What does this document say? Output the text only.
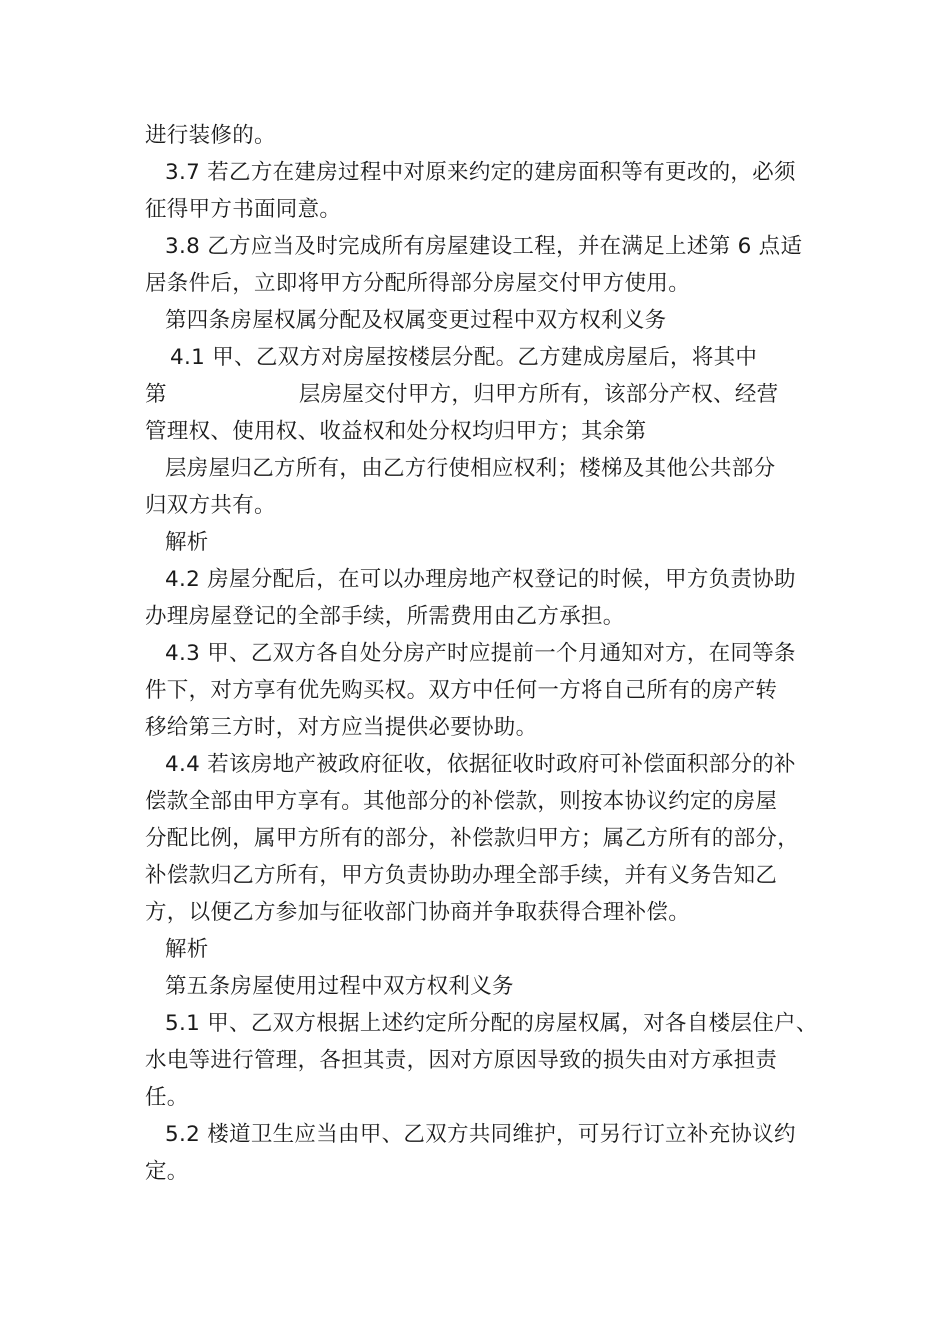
进行装修的。
3.7 若乙方在建房过程中对原来约定的建房面积等有更改的，必须
征得甲方书面同意。
3.8 乙方应当及时完成所有房屋建设工程，并在满足上述第 6 点适
居条件后，立即将甲方分配所得部分房屋交付甲方使用。
第四条房屋权属分配及权属变更过程中双方权利义务
4.1 甲、乙双方对房屋按楼层分配。乙方建成房屋后，将其中
第	层房屋交付甲方，归甲方所有，该部分产权、经营
管理权、使用权、收益权和处分权均归甲方；其余第
层房屋归乙方所有，由乙方行使相应权利；楼梯及其他公共部分
归双方共有。
解析
4.2 房屋分配后，在可以办理房地产权登记的时候，甲方负责协助
办理房屋登记的全部手续，所需费用由乙方承担。
4.3 甲、乙双方各自处分房产时应提前一个月通知对方，在同等条
件下，对方享有优先购买权。双方中任何一方将自己所有的房产转
移给第三方时，对方应当提供必要协助。
4.4 若该房地产被政府征收，依据征收时政府可补偿面积部分的补
偿款全部由甲方享有。其他部分的补偿款，则按本协议约定的房屋
分配比例，属甲方所有的部分，补偿款归甲方；属乙方所有的部分，
补偿款归乙方所有，甲方负责协助办理全部手续，并有义务告知乙
方，以便乙方参加与征收部门协商并争取获得合理补偿。
解析
第五条房屋使用过程中双方权利义务
5.1 甲、乙双方根据上述约定所分配的房屋权属，对各自楼层住户、
水电等进行管理，各担其责，因对方原因导致的损失由对方承担责
任。
5.2 楼道卫生应当由甲、乙双方共同维护，可另行订立补充协议约
定。
